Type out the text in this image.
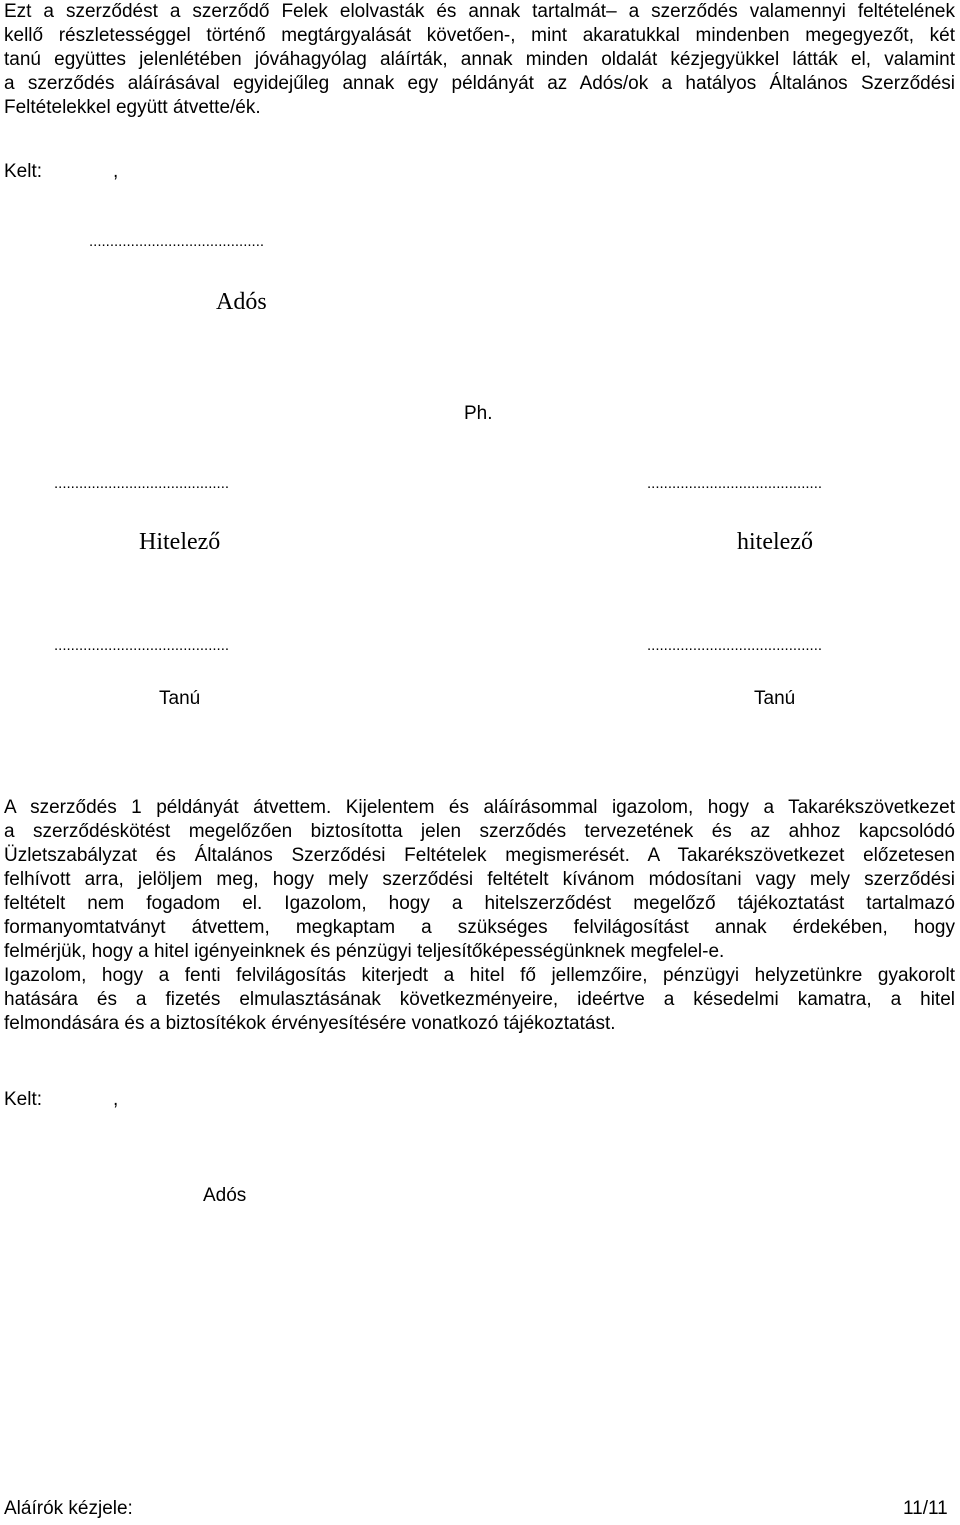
Ezt a szerződést a szerződő Felek elolvasták és annak tartalmát– a szerződés valamennyi feltételének
kellő részletességgel történő megtárgyalását követően-, mint akaratukkal mindenben megegyezőt, két
tanú együttes jelenlétében jóváhagyólag aláírták, annak minden oldalát kézjegyükkel látták el, valamint
a szerződés aláírásával egyidejűleg annak egy példányát az Adós/ok a hatályos Általános Szerződési
Feltételekkel együtt átvette/ék.
Kelt:	,
..........................................
Adós
Ph.
..........................................
Hitelező
..........................................
hitelező
..........................................
Tanú
..........................................
Tanú
A szerződés 1 példányát átvettem. Kijelentem és aláírásommal igazolom, hogy a Takarékszövetkezet
a szerződéskötést megelőzően biztosította jelen szerződés tervezetének és az ahhoz kapcsolódó
Üzletszabályzat és Általános Szerződési Feltételek megismerését. A Takarékszövetkezet előzetesen
felhívott arra, jelöljem meg, hogy mely szerződési feltételt kívánom módosítani vagy mely szerződési
feltételt nem fogadom el. Igazolom, hogy a hitelszerződést megelőző tájékoztatást tartalmazó
formanyomtatványt átvettem, megkaptam a szükséges felvilágosítást annak érdekében, hogy
felmérjük, hogy a hitel igényeinknek és pénzügyi teljesítőképességünknek megfelel-e.
Igazolom, hogy a fenti felvilágosítás kiterjedt a hitel fő jellemzőire, pénzügyi helyzetünkre gyakorolt
hatására és a fizetés elmulasztásának következményeire, ideértve a késedelmi kamatra, a hitel
felmondására és a biztosítékok érvényesítésére vonatkozó tájékoztatást.
Kelt:	,
Adós
Aláírók kézjele:	11/11
